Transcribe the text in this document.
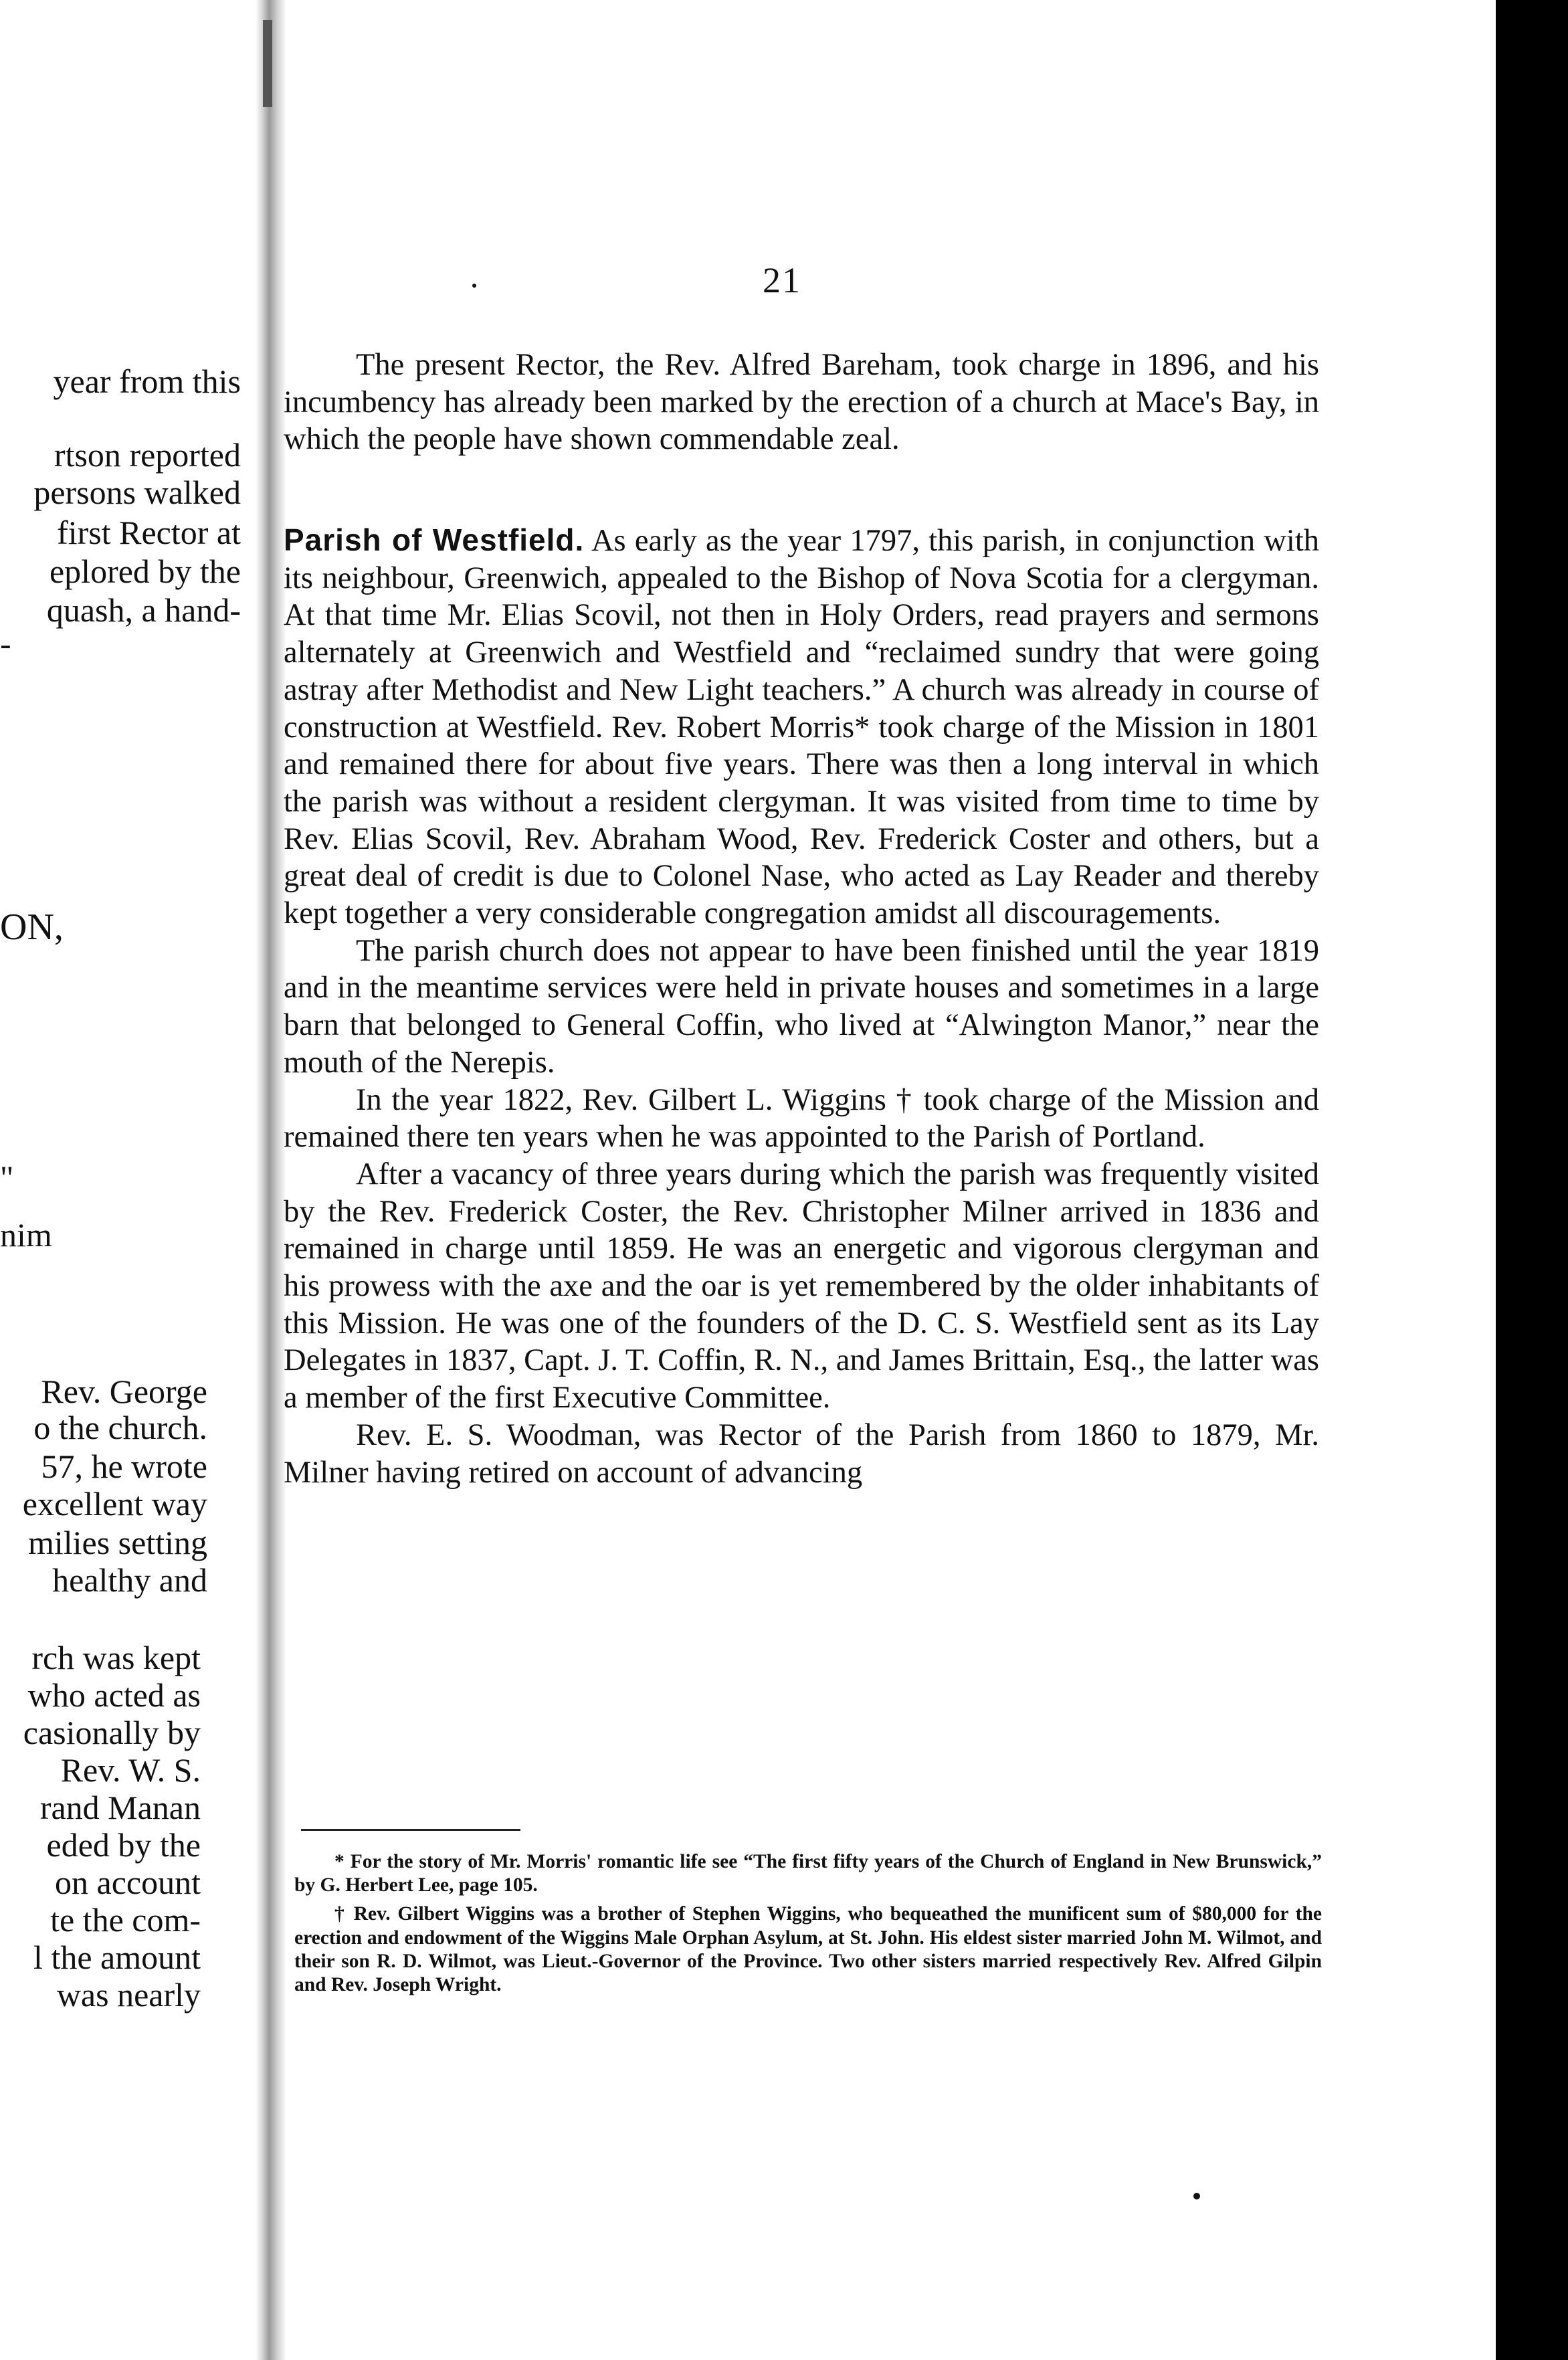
year from this
rtson reported
persons walked
first Rector at
eplored by the
quash, a hand-
-
ON,
"
nim
Rev. George
o the church.
57, he wrote
excellent way
milies setting
healthy and
rch was kept
who acted as
casionally by
Rev. W. S.
rand Manan
eded by the
on account
te the com-
l the amount
was nearly
21

The present Rector, the Rev. Alfred Bareham, took charge in 1896, and his incumbency has already been marked by the erection of a church at Mace's Bay, in which the people have shown commendable zeal.

Parish of Westfield. As early as the year 1797, this parish, in conjunction with its neighbour, Greenwich, appealed to the Bishop of Nova Scotia for a clergyman. At that time Mr. Elias Scovil, not then in Holy Orders, read prayers and sermons alternately at Greenwich and Westfield and “reclaimed sundry that were going astray after Methodist and New Light teachers.” A church was already in course of construction at Westfield. Rev. Robert Morris* took charge of the Mission in 1801 and remained there for about five years. There was then a long interval in which the parish was without a resident clergyman. It was visited from time to time by Rev. Elias Scovil, Rev. Abraham Wood, Rev. Frederick Coster and others, but a great deal of credit is due to Colonel Nase, who acted as Lay Reader and thereby kept together a very considerable congregation amidst all discouragements.

The parish church does not appear to have been finished until the year 1819 and in the meantime services were held in private houses and sometimes in a large barn that belonged to General Coffin, who lived at “Alwington Manor,” near the mouth of the Nerepis.

In the year 1822, Rev. Gilbert L. Wiggins † took charge of the Mission and remained there ten years when he was appointed to the Parish of Portland.

After a vacancy of three years during which the parish was frequently visited by the Rev. Frederick Coster, the Rev. Christopher Milner arrived in 1836 and remained in charge until 1859. He was an energetic and vigorous clergyman and his prowess with the axe and the oar is yet remembered by the older inhabitants of this Mission. He was one of the founders of the D. C. S. Westfield sent as its Lay Delegates in 1837, Capt. J. T. Coffin, R. N., and James Brittain, Esq., the latter was a member of the first Executive Committee.

Rev. E. S. Woodman, was Rector of the Parish from 1860 to 1879, Mr. Milner having retired on account of advancing

* For the story of Mr. Morris' romantic life see “The first fifty years of the Church of England in New Brunswick,” by G. Herbert Lee, page 105.

† Rev. Gilbert Wiggins was a brother of Stephen Wiggins, who bequeathed the munificent sum of $80,000 for the erection and endowment of the Wiggins Male Orphan Asylum, at St. John. His eldest sister married John M. Wilmot, and their son R. D. Wilmot, was Lieut.-Governor of the Province. Two other sisters married respectively Rev. Alfred Gilpin and Rev. Joseph Wright.
